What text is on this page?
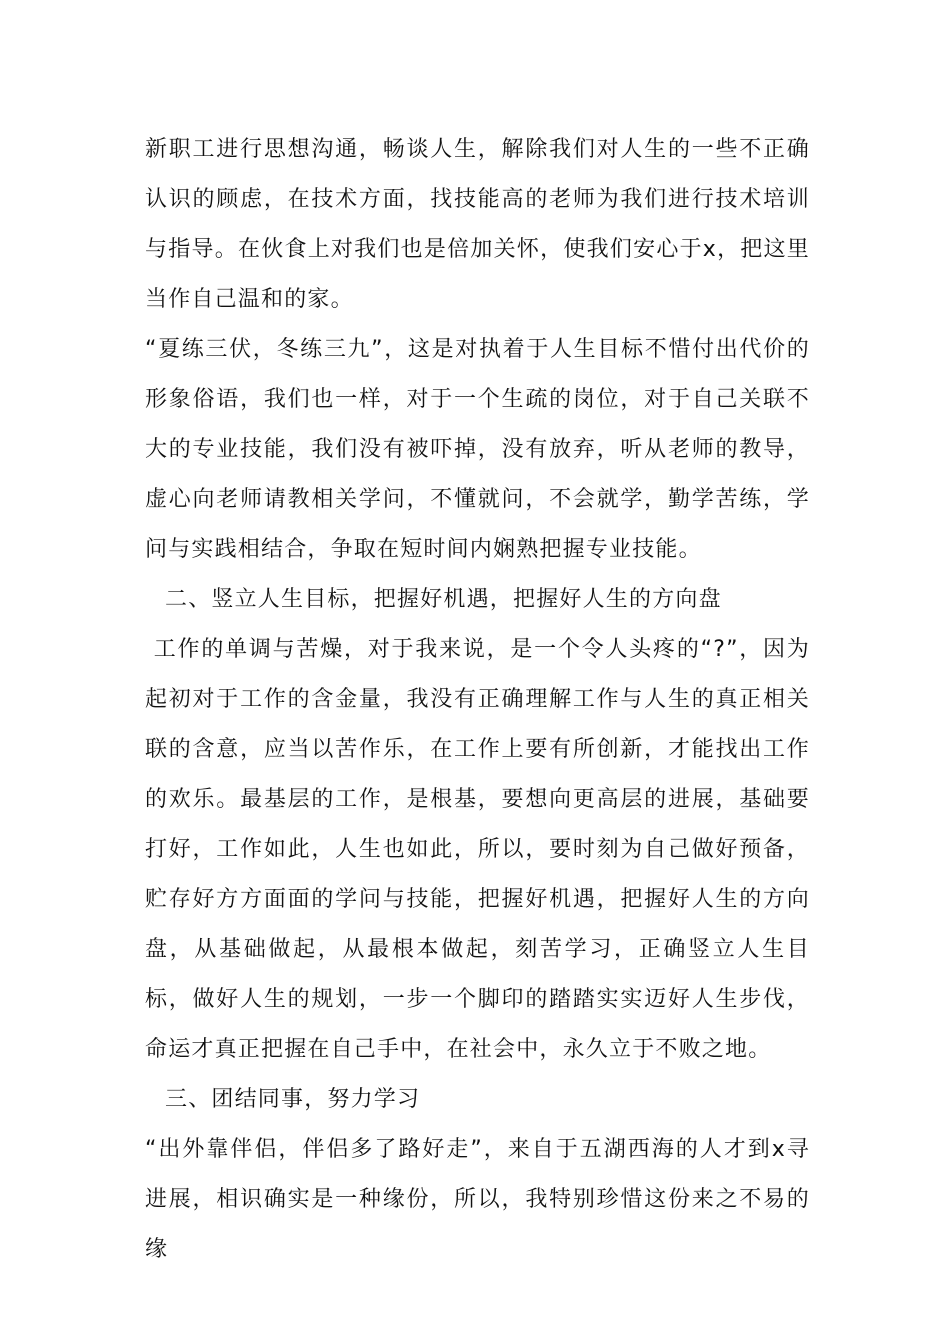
新职工进行思想沟通，畅谈人生，解除我们对人生的一些不正确认识的顾虑，在技术方面，找技能高的老师为我们进行技术培训与指导。在伙食上对我们也是倍加关怀，使我们安心于x，把这里当作自己温和的家。

“夏练三伏，冬练三九”，这是对执着于人生目标不惜付出代价的形象俗语，我们也一样，对于一个生疏的岗位，对于自己关联不大的专业技能，我们没有被吓掉，没有放弃，听从老师的教导，虚心向老师请教相关学问，不懂就问，不会就学，勤学苦练，学问与实践相结合，争取在短时间内娴熟把握专业技能。

二、竖立人生目标，把握好机遇，把握好人生的方向盘

工作的单调与苦燥，对于我来说，是一个令人头疼的“?”，因为起初对于工作的含金量，我没有正确理解工作与人生的真正相关联的含意，应当以苦作乐，在工作上要有所创新，才能找出工作的欢乐。最基层的工作，是根基，要想向更高层的进展，基础要打好，工作如此，人生也如此，所以，要时刻为自己做好预备，贮存好方方面面的学问与技能，把握好机遇，把握好人生的方向盘，从基础做起，从最根本做起，刻苦学习，正确竖立人生目标，做好人生的规划，一步一个脚印的踏踏实实迈好人生步伐，命运才真正把握在自己手中，在社会中，永久立于不败之地。

三、团结同事，努力学习

“出外靠伴侣，伴侣多了路好走”，来自于五湖西海的人才到x寻进展，相识确实是一种缘份，所以，我特别珍惜这份来之不易的缘
